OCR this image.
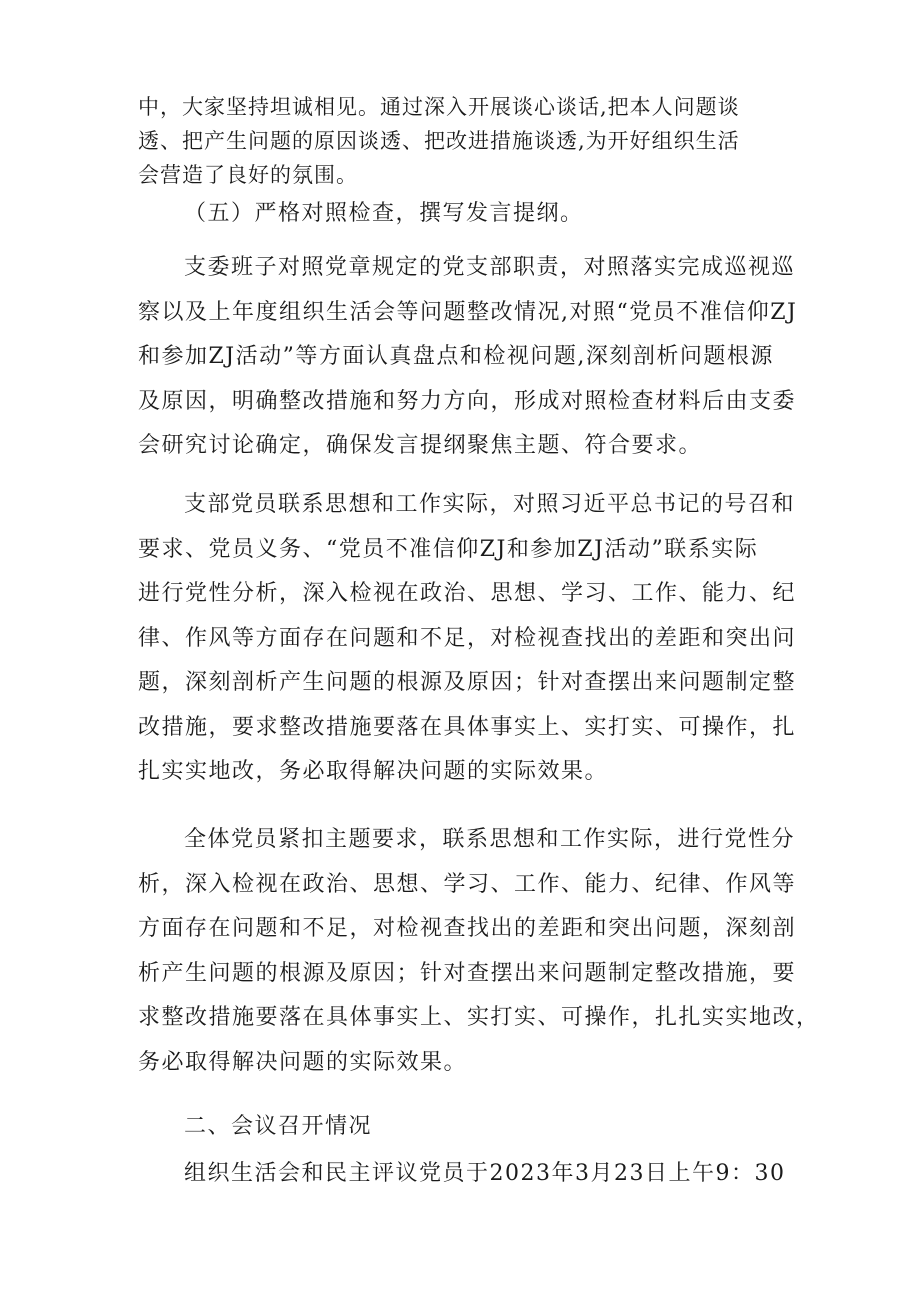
中，大家坚持坦诚相见。通过深入开展谈心谈话,把本人问题谈
透、把产生问题的原因谈透、把改进措施谈透,为开好组织生活
会营造了良好的氛围。
（五）严格对照检查，撰写发言提纲。
支委班子对照党章规定的党支部职责，对照落实完成巡视巡
察以及上年度组织生活会等问题整改情况,对照“党员不准信仰ZJ
和参加ZJ活动”等方面认真盘点和检视问题,深刻剖析问题根源
及原因，明确整改措施和努力方向，形成对照检查材料后由支委
会研究讨论确定，确保发言提纲聚焦主题、符合要求。
支部党员联系思想和工作实际，对照习近平总书记的号召和
要求、党员义务、“党员不准信仰ZJ和参加ZJ活动”联系实际
进行党性分析，深入检视在政治、思想、学习、工作、能力、纪
律、作风等方面存在问题和不足，对检视查找出的差距和突出问
题，深刻剖析产生问题的根源及原因；针对查摆出来问题制定整
改措施，要求整改措施要落在具体事实上、实打实、可操作，扎
扎实实地改，务必取得解决问题的实际效果。
全体党员紧扣主题要求，联系思想和工作实际，进行党性分
析，深入检视在政治、思想、学习、工作、能力、纪律、作风等
方面存在问题和不足，对检视查找出的差距和突出问题，深刻剖
析产生问题的根源及原因；针对查摆出来问题制定整改措施，要
求整改措施要落在具体事实上、实打实、可操作，扎扎实实地改，
务必取得解决问题的实际效果。
二、会议召开情况
组织生活会和民主评议党员于2023年3月23日上午9：30
